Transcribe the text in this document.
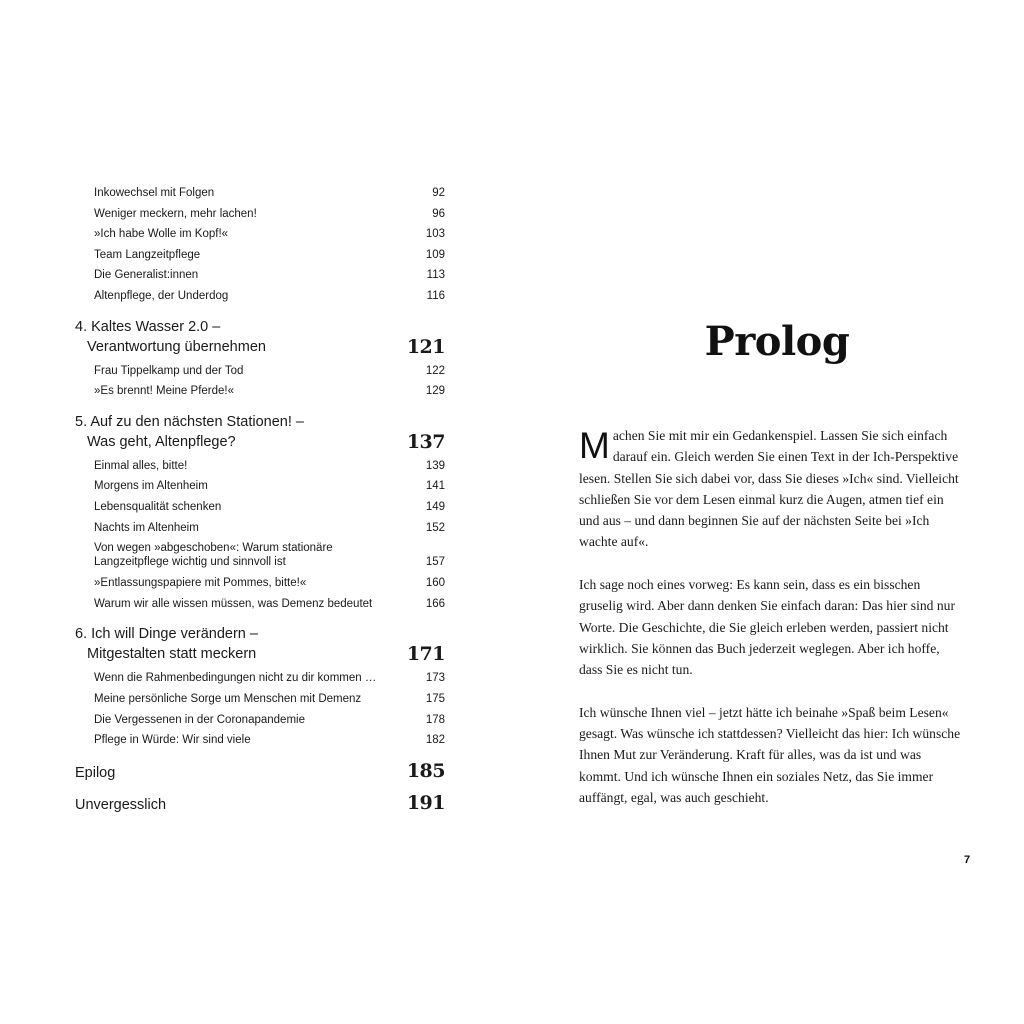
Inkowechsel mit Folgen	92
Weniger meckern, mehr lachen!	96
»Ich habe Wolle im Kopf!«	103
Team Langzeitpflege	109
Die Generalist:innen	113
Altenpflege, der Underdog	116
4. Kaltes Wasser 2.0 –
Verantwortung übernehmen	121
Frau Tippelkamp und der Tod	122
»Es brennt! Meine Pferde!«	129
5. Auf zu den nächsten Stationen! –
Was geht, Altenpflege?	137
Einmal alles, bitte!	139
Morgens im Altenheim	141
Lebensqualität schenken	149
Nachts im Altenheim	152
Von wegen »abgeschoben«: Warum stationäre Langzeitpflege wichtig und sinnvoll ist	157
»Entlassungspapiere mit Pommes, bitte!«	160
Warum wir alle wissen müssen, was Demenz bedeutet	166
6. Ich will Dinge verändern –
Mitgestalten statt meckern	171
Wenn die Rahmenbedingungen nicht zu dir kommen …	173
Meine persönliche Sorge um Menschen mit Demenz	175
Die Vergessenen in der Coronapandemie	178
Pflege in Würde: Wir sind viele	182
Epilog	185
Unvergesslich	191
Prolog

Machen Sie mit mir ein Gedankenspiel. Lassen Sie sich einfach darauf ein. Gleich werden Sie einen Text in der Ich-Perspektive lesen. Stellen Sie sich dabei vor, dass Sie dieses »Ich« sind. Vielleicht schließen Sie vor dem Lesen einmal kurz die Augen, atmen tief ein und aus – und dann beginnen Sie auf der nächsten Seite bei »Ich wachte auf«.

Ich sage noch eines vorweg: Es kann sein, dass es ein bisschen gruselig wird. Aber dann denken Sie einfach daran: Das hier sind nur Worte. Die Geschichte, die Sie gleich erleben werden, passiert nicht wirklich. Sie können das Buch jederzeit weglegen. Aber ich hoffe, dass Sie es nicht tun.

Ich wünsche Ihnen viel – jetzt hätte ich beinahe »Spaß beim Lesen« gesagt. Was wünsche ich stattdessen? Vielleicht das hier: Ich wünsche Ihnen Mut zur Veränderung. Kraft für alles, was da ist und was kommt. Und ich wünsche Ihnen ein soziales Netz, das Sie immer auffängt, egal, was auch geschieht.

7
